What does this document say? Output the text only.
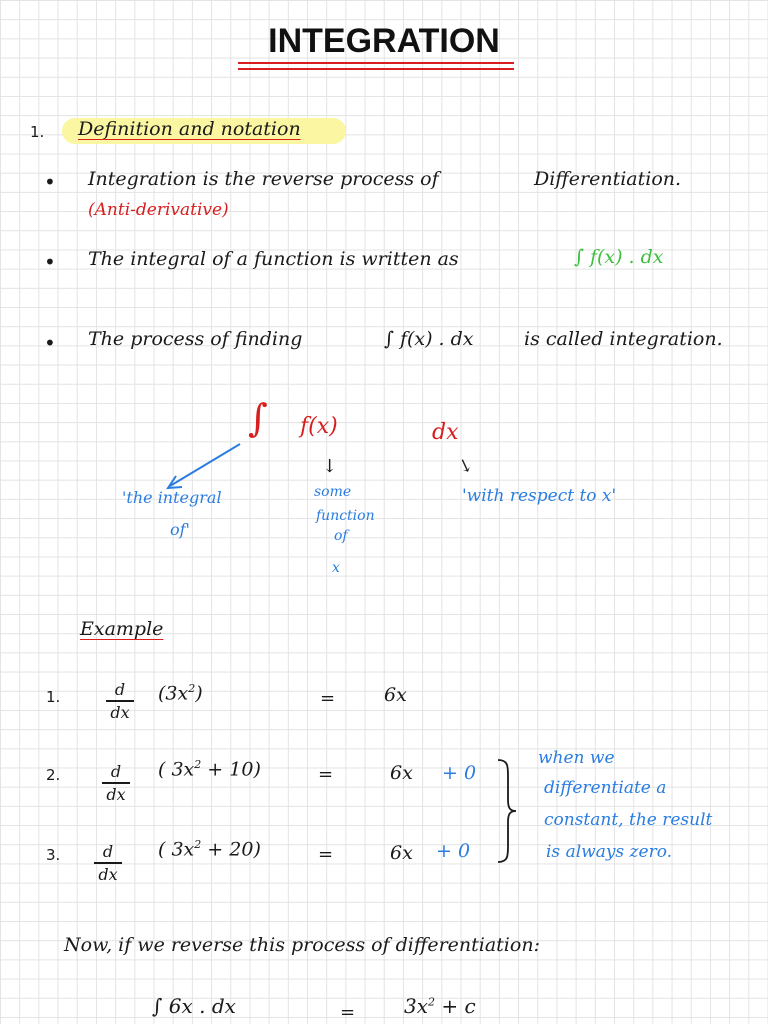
INTEGRATION
1. Definition and notation
• Integration is the reverse process of	Differentiation.
(Anti-derivative)
• The integral of a function is written as	∫ f(x) . dx
• The process of finding	∫ f(x) . dx	is called integration.
∫ f(x)	dx
↓	↓
'the integral
of'
some
function
of
x
'with respect to x'
Example
1.	d
dx
$(3x^2)$	=	6x
2.	d
dx
( $3x^2 + 10$)	=	6x + 0
3.	d
dx
( $3x^2 + 20$)	=	6x + 0
when we
differentiate a
constant, the result
is always zero.
Now, if we reverse this process of differentiation:
∫ 6x . dx	= $3x^2 + c$
